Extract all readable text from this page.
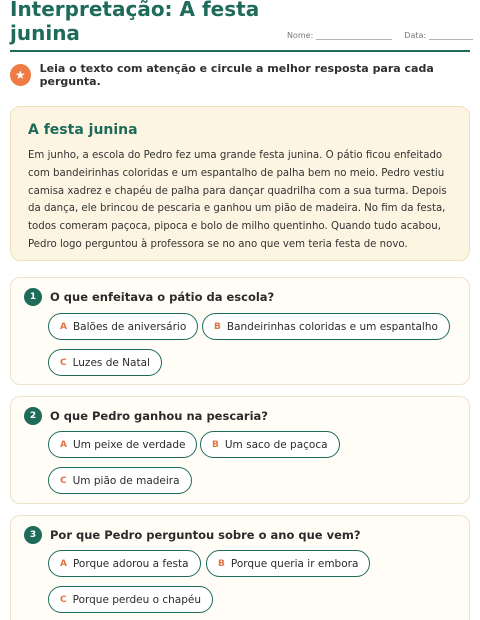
Interpretação: A festa junina	Nome:	Data:
★	Leia o texto com atenção e circule a melhor resposta para cada pergunta.
A festa junina

Em junho, a escola do Pedro fez uma grande festa junina. O pátio ficou enfeitado com bandeirinhas coloridas e um espantalho de palha bem no meio. Pedro vestiu camisa xadrez e chapéu de palha para dançar quadrilha com a sua turma. Depois da dança, ele brincou de pescaria e ganhou um pião de madeira. No fim da festa, todos comeram paçoca, pipoca e bolo de milho quentinho. Quando tudo acabou, Pedro logo perguntou à professora se no ano que vem teria festa de novo.

1	O que enfeitava o pátio da escola?
A Balões de aniversário	B Bandeirinhas coloridas e um espantalho
C Luzes de Natal
2	O que Pedro ganhou na pescaria?
A Um peixe de verdade	B Um saco de paçoca
C Um pião de madeira
3	Por que Pedro perguntou sobre o ano que vem?
A Porque adorou a festa	B Porque queria ir embora
C Porque perdeu o chapéu
